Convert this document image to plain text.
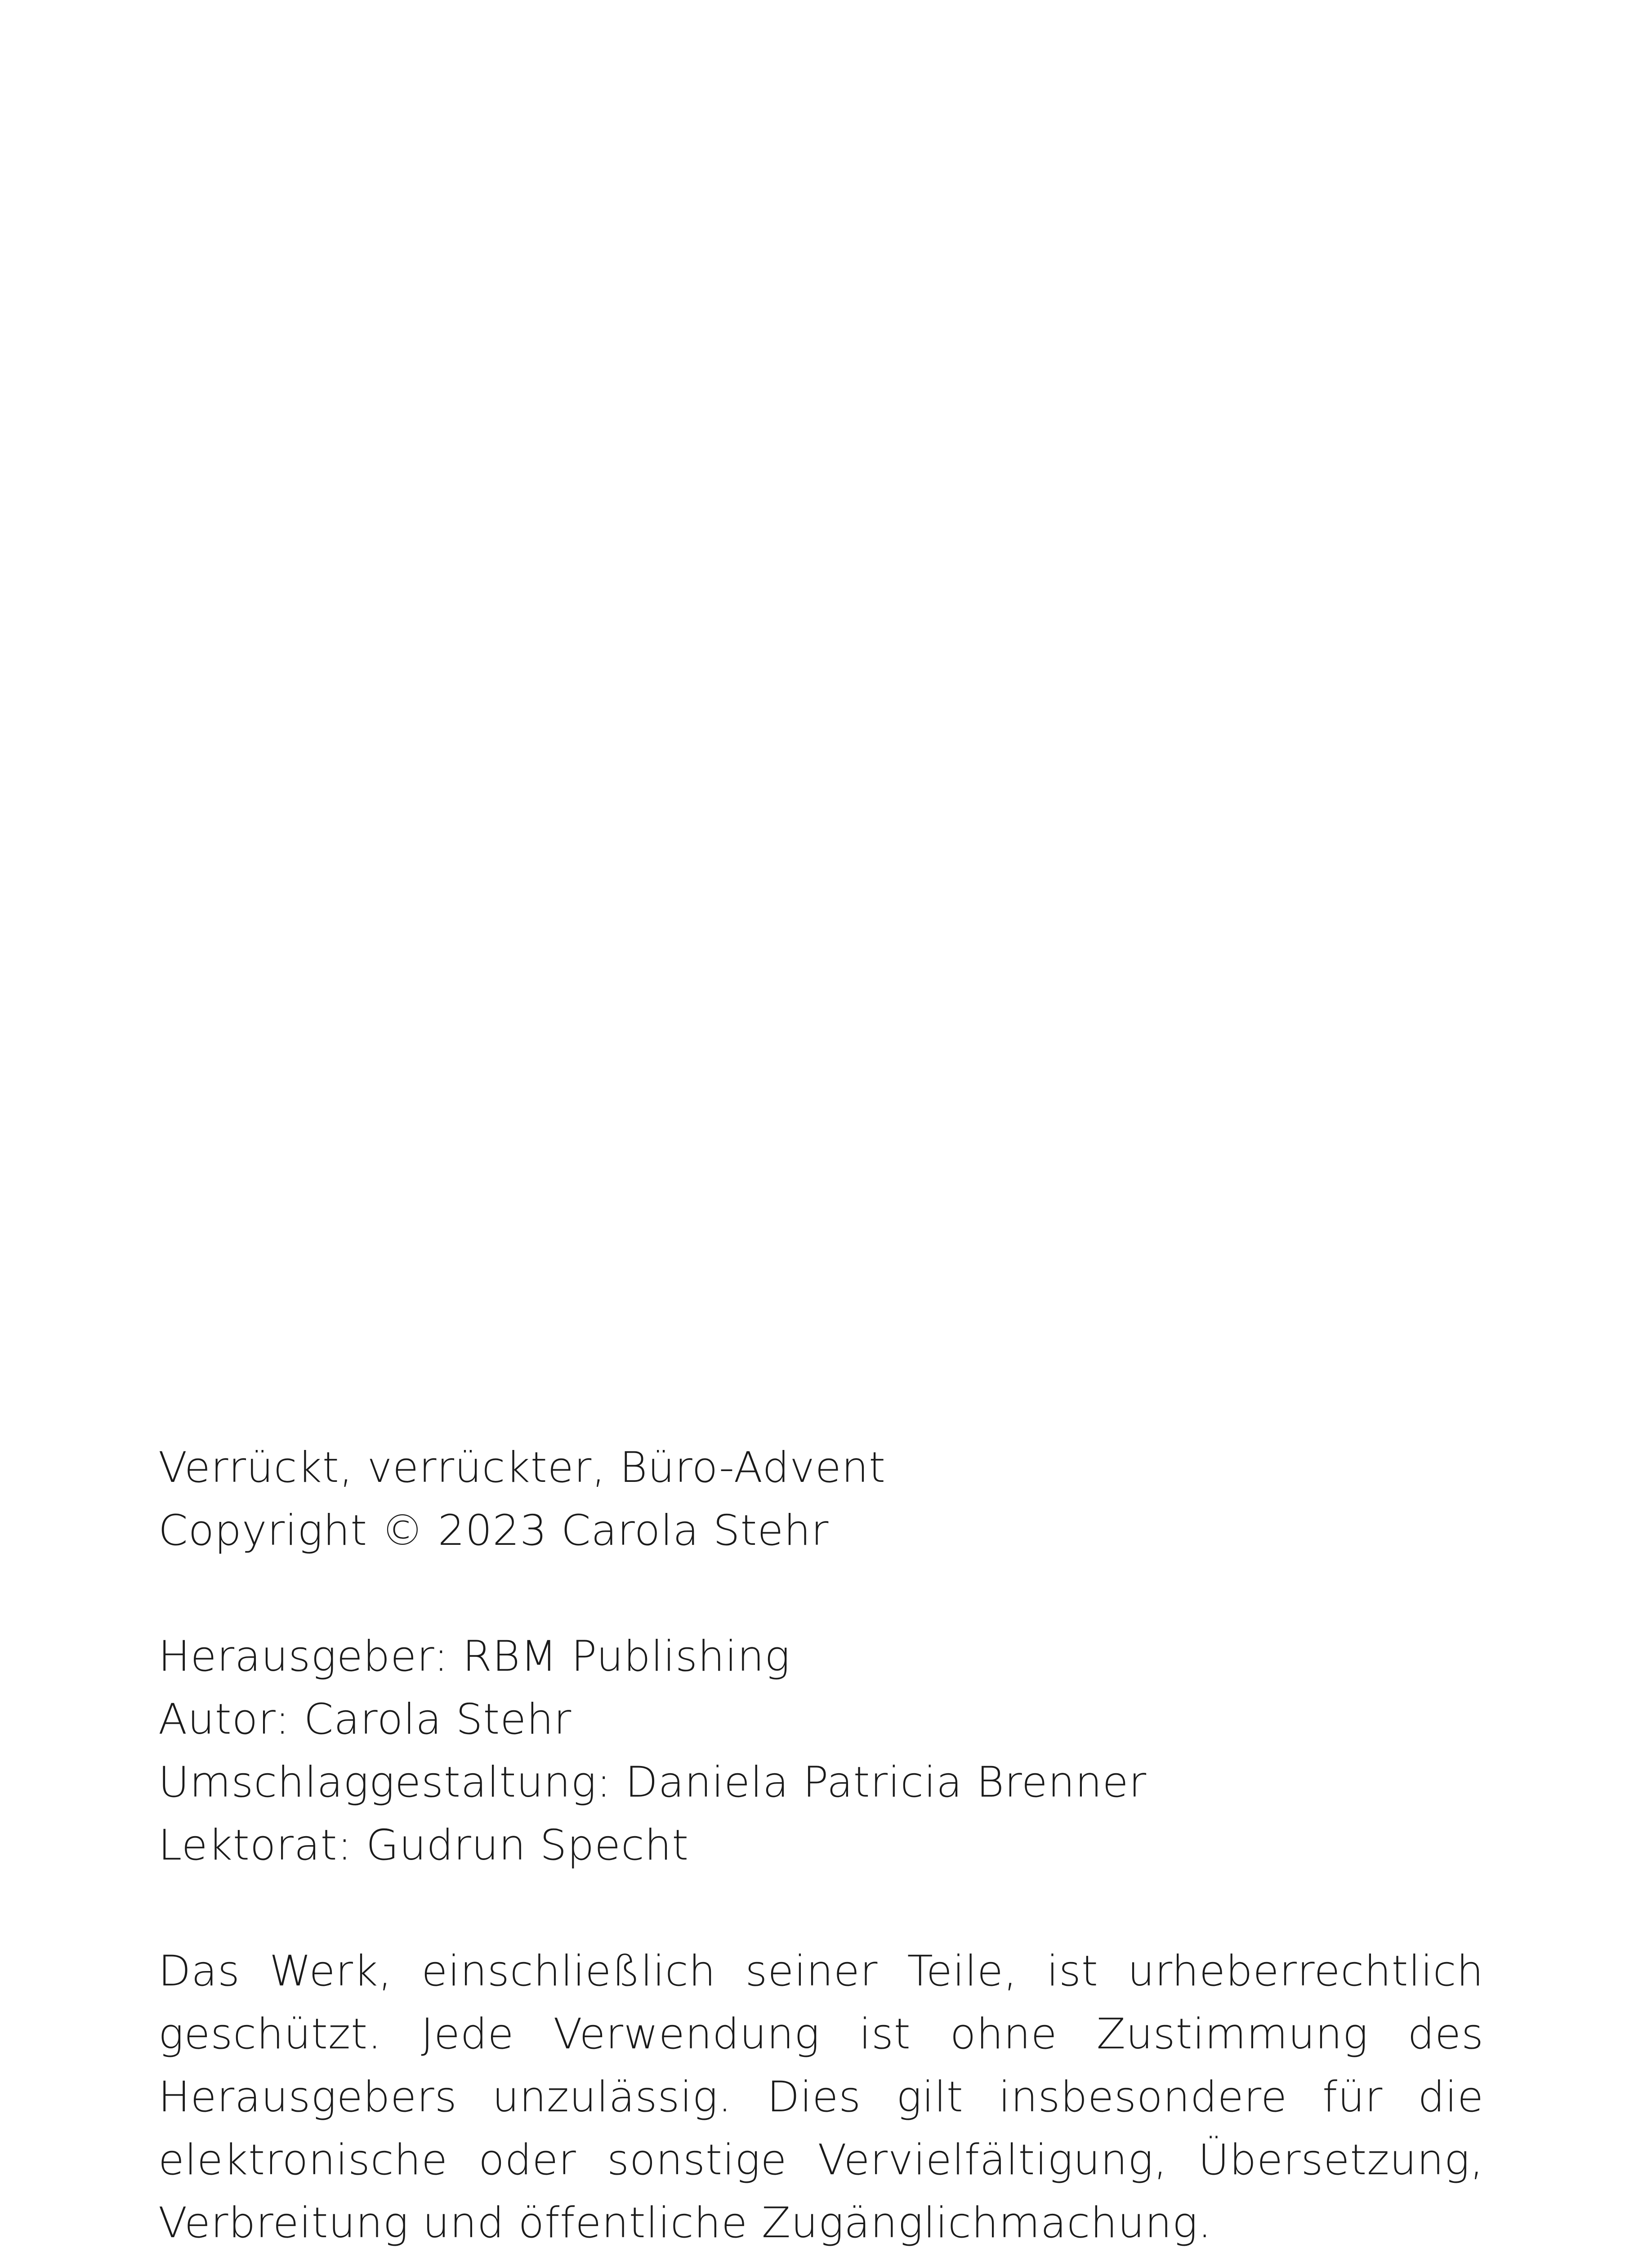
Verrückt, verrückter, Büro-Advent
Copyright © 2023 Carola Stehr
Herausgeber: RBM Publishing
Autor: Carola Stehr
Umschlaggestaltung: Daniela Patricia Brenner
Lektorat: Gudrun Specht
Das Werk, einschließlich seiner Teile, ist urheberrechtlich geschützt. Jede Verwendung ist ohne Zustimmung des Herausgebers unzulässig. Dies gilt insbesondere für die elektronische oder sonstige Vervielfältigung, Übersetzung, Verbreitung und öffentliche Zugänglichmachung.
